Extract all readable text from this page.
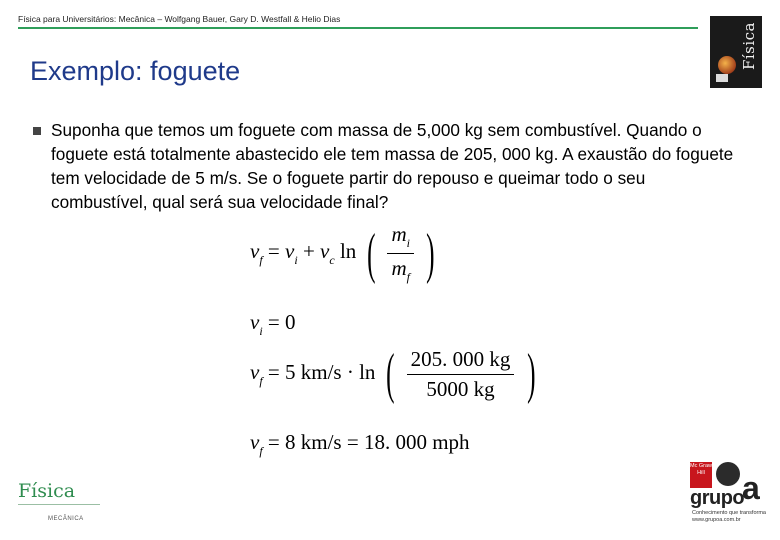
Física para Universitários: Mecânica – Wolfgang Bauer, Gary D. Westfall & Helio Dias
Física
Exemplo: foguete

Suponha que temos um foguete com massa de 5,000 kg sem combustível. Quando o foguete está totalmente abastecido ele tem massa de 205, 000 kg. A exaustão do foguete tem velocidade de 5 m/s. Se o foguete partir do repouso e queimar todo o seu combustível, qual será sua velocidade final?

$v_f = v_i + v_c$ ln ( $\frac{m_i}{m_f}$ )
$v_i = 0$
$v_f = 5$ km/s · ln ( $\frac{205. 000 kg}{5000 kg}$ )
$v_f = 8$ km/s = 18. 000 mph
Física
MECÂNICA
Mc Graw Hill
grupo
a
Conhecimento que transforma www.grupoa.com.br
